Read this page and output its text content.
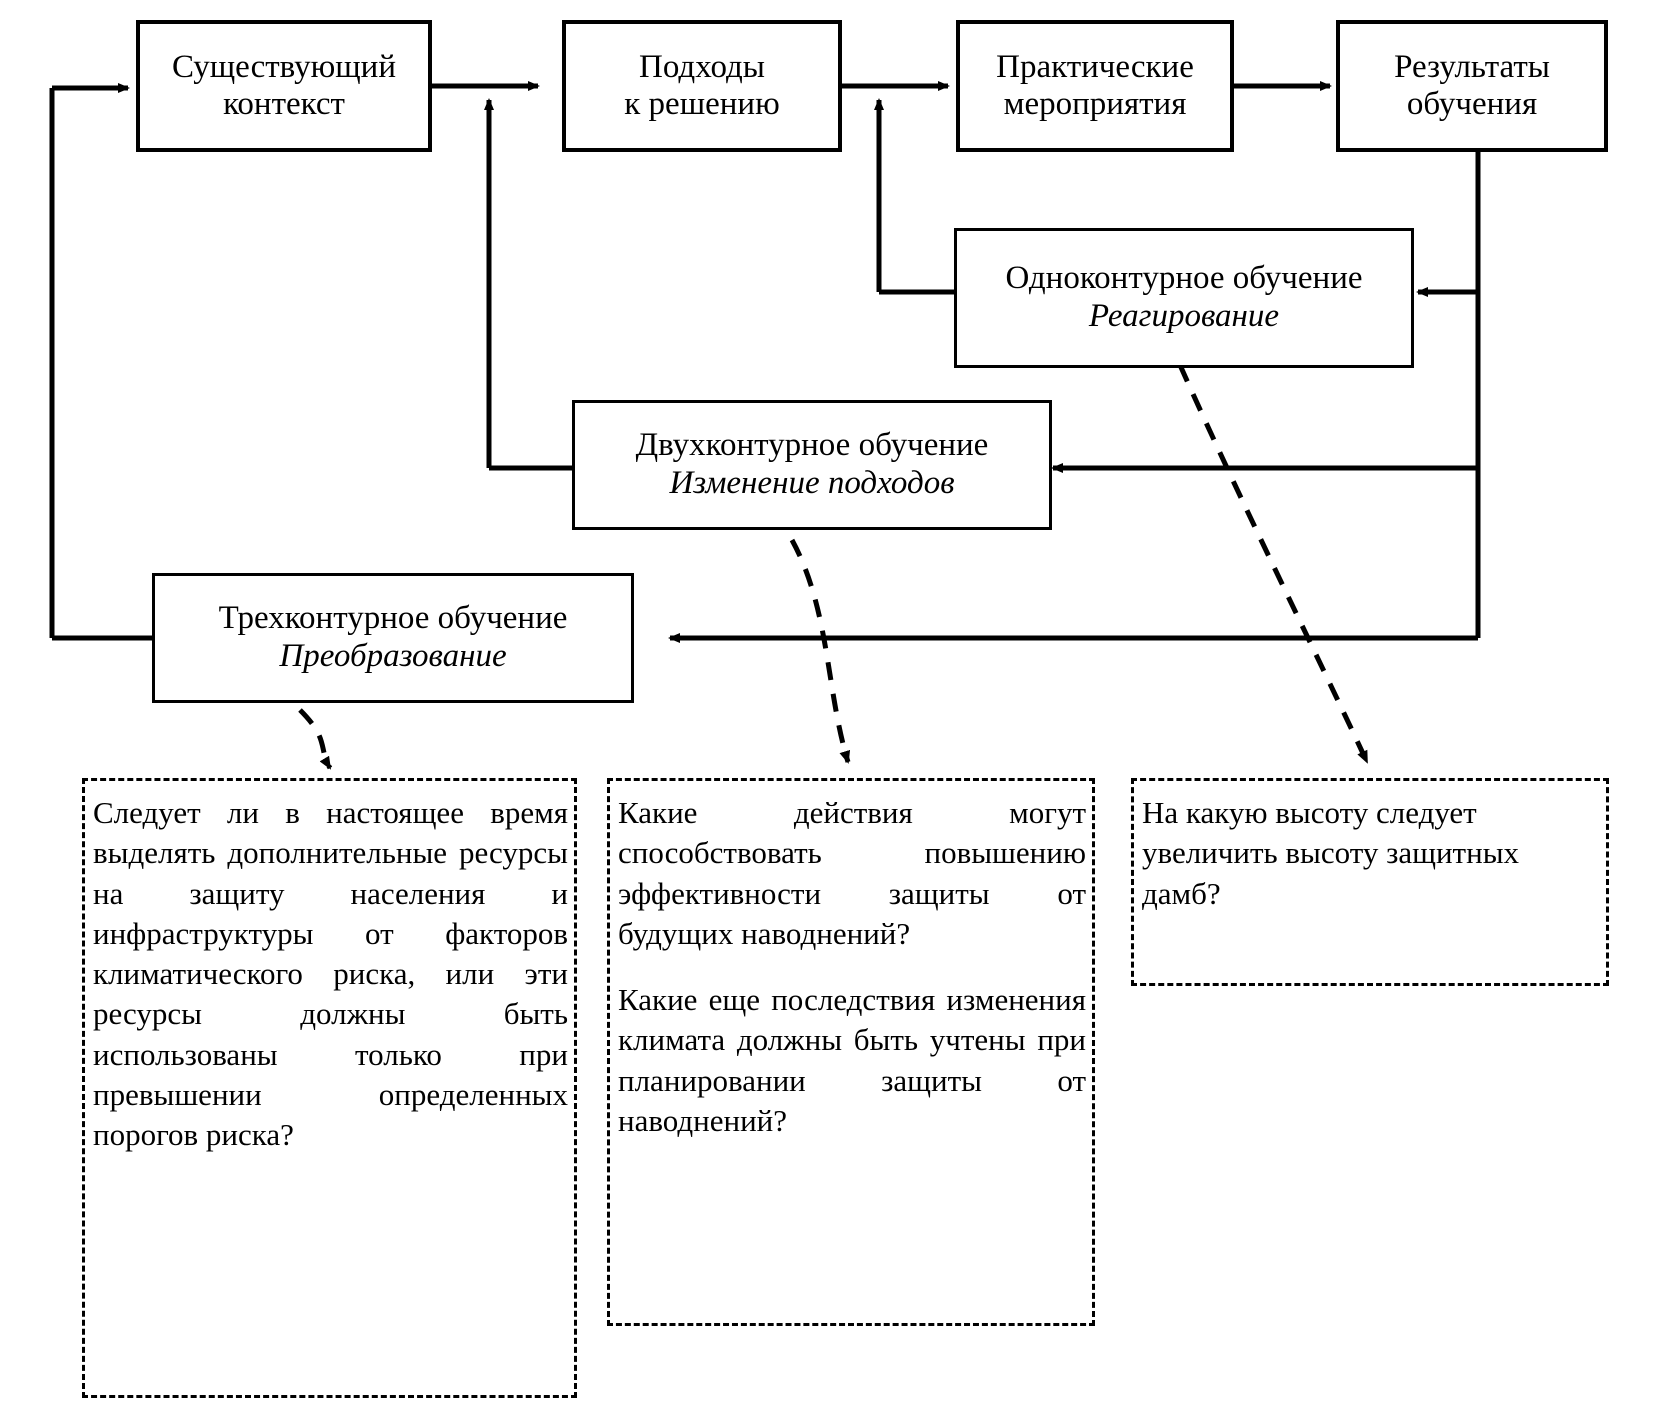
Существующий
контекст
Подходы
к решению
Практические
мероприятия
Результаты
обучения
Одноконтурное обучение
Реагирование
Двухконтурное обучение
Изменение подходов
Трехконтурное обучение
Преобразование

Следует ли в настоящее время выделять дополнительные ресурсы на защиту населения и инфраструктуры от факторов климатического риска, или эти ресурсы должны быть использованы только при превышении определенных порогов риска?

Какие действия могут способствовать повышению эффективности защиты от будущих наводнений?

Какие еще последствия изменения климата должны быть учтены при планировании защиты от наводнений?

На какую высоту следует увеличить высоту защитных дамб?
